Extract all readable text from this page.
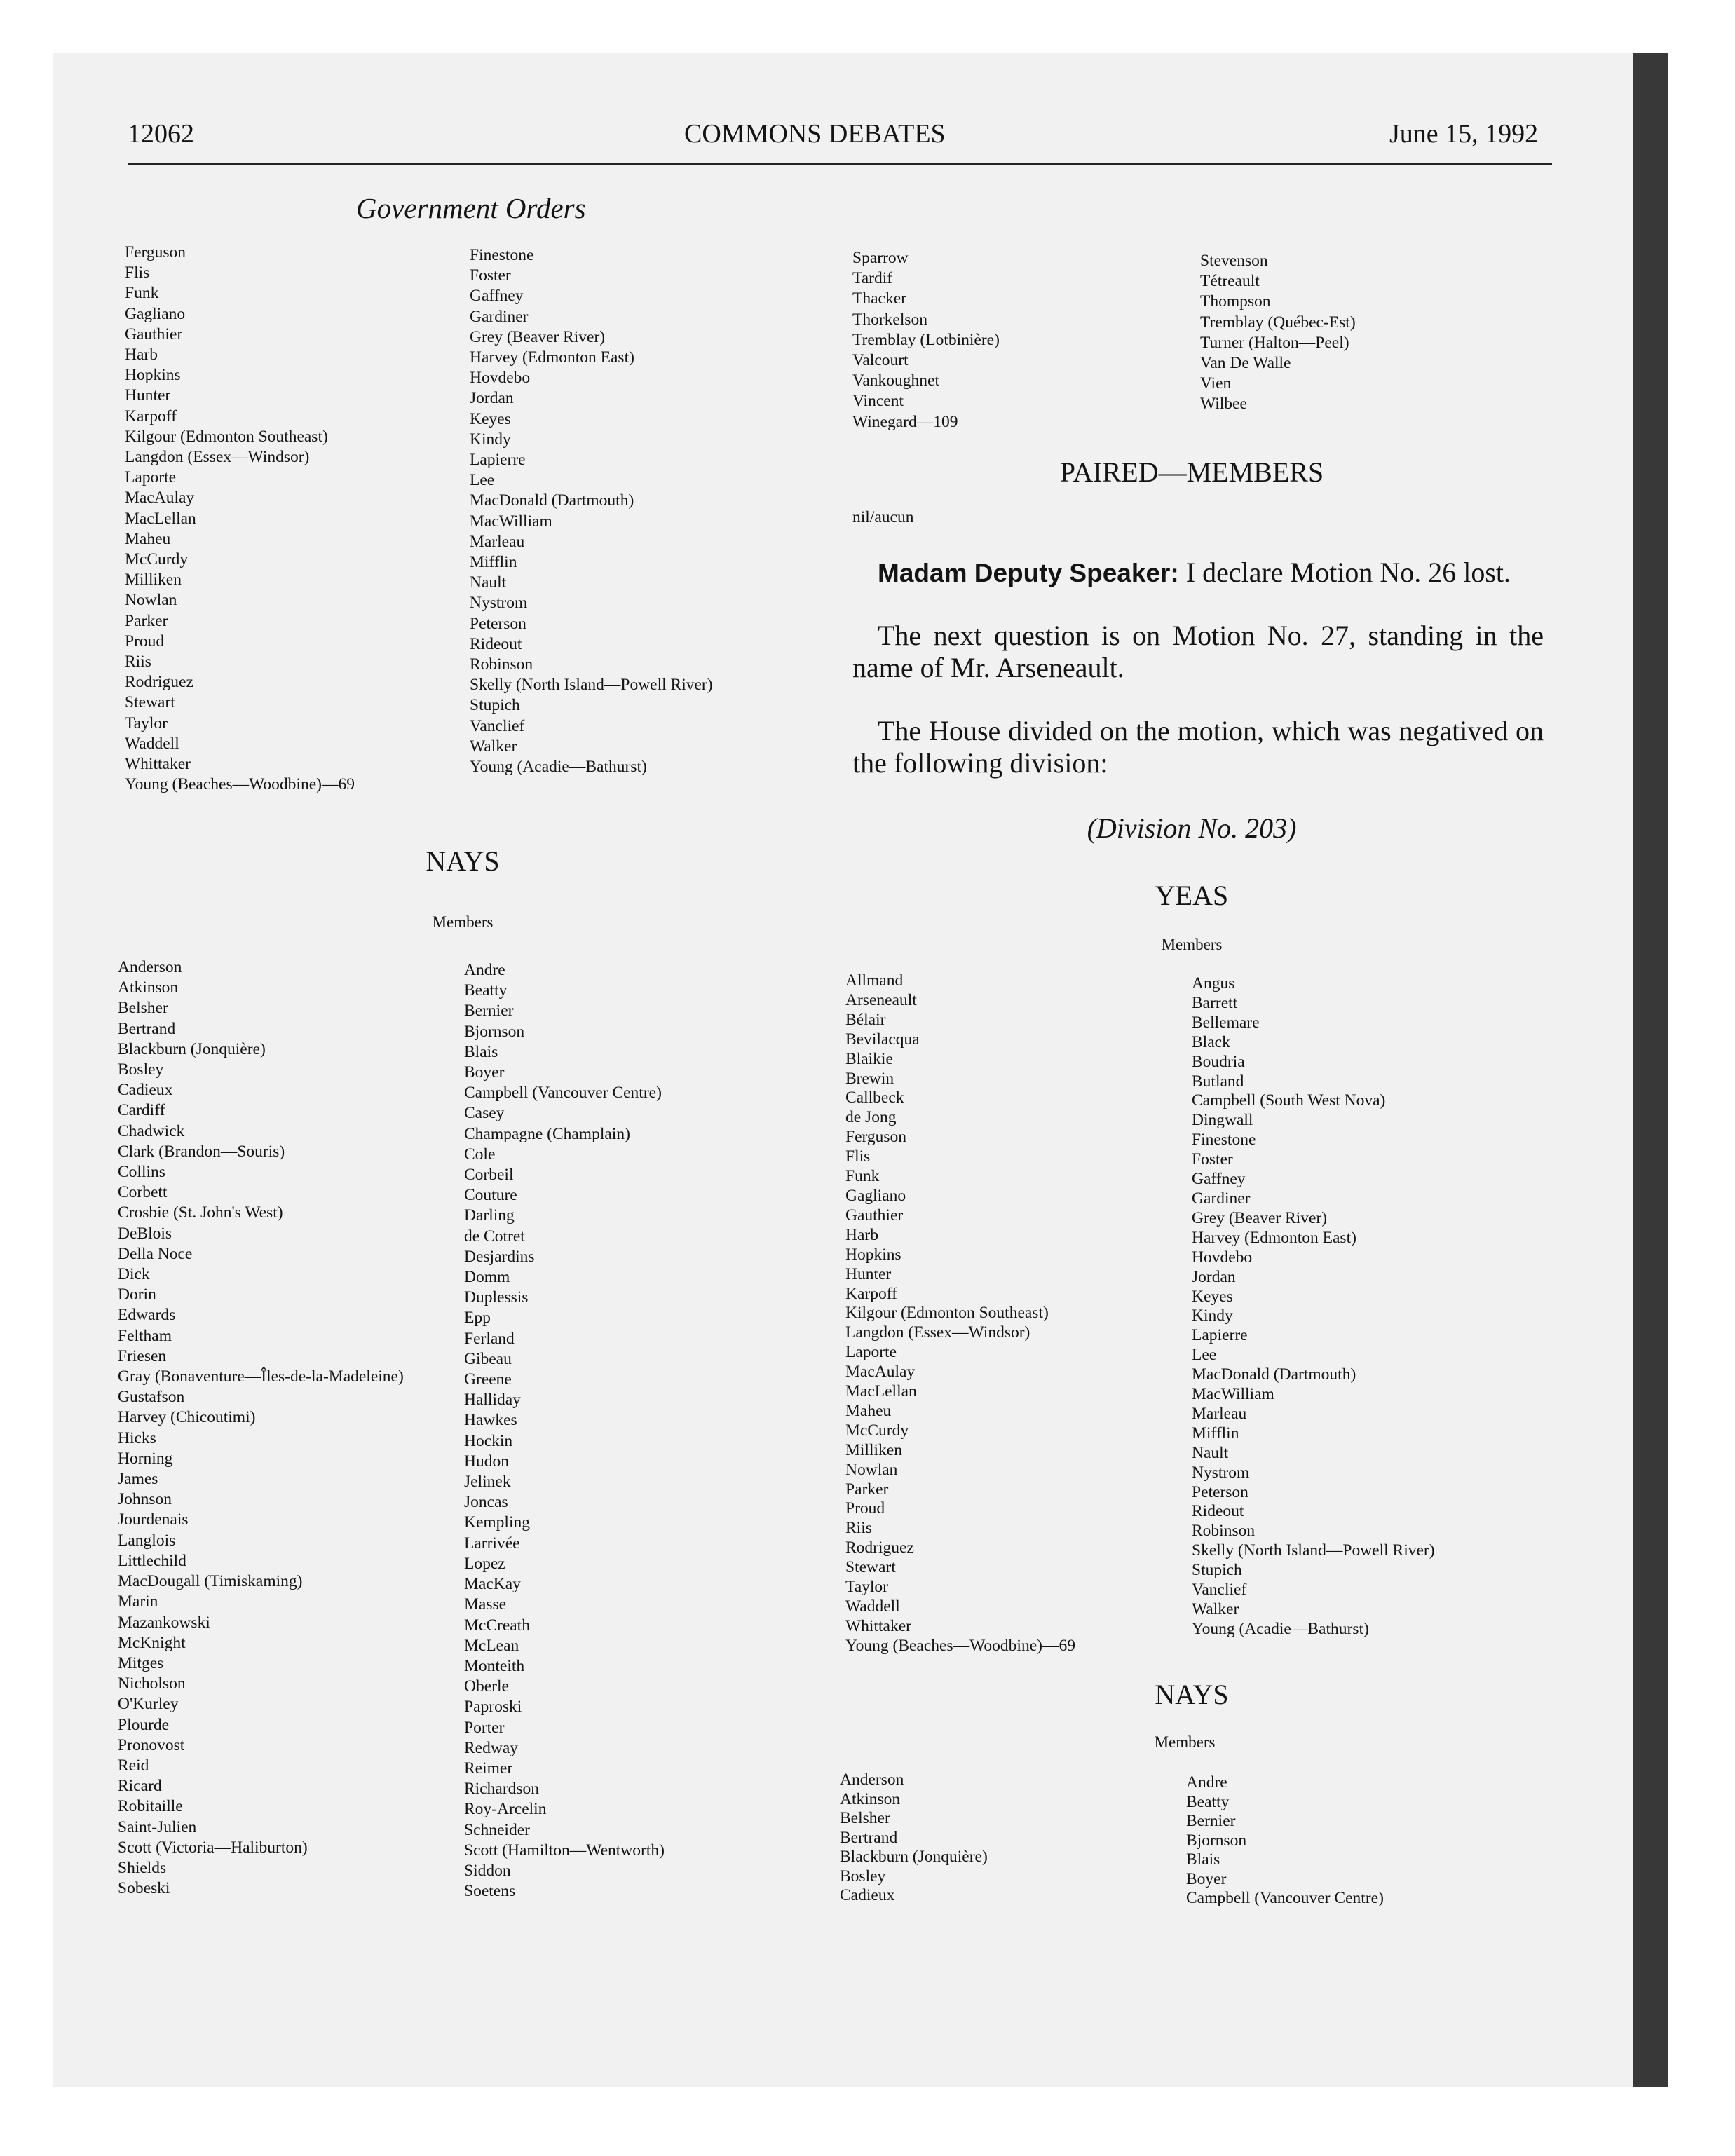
12062	COMMONS DEBATES	June 15, 1992
Government Orders
Ferguson
Flis
Funk
Gagliano
Gauthier
Harb
Hopkins
Hunter
Karpoff
Kilgour (Edmonton Southeast)
Langdon (Essex—Windsor)
Laporte
MacAulay
MacLellan
Maheu
McCurdy
Milliken
Nowlan
Parker
Proud
Riis
Rodriguez
Stewart
Taylor
Waddell
Whittaker
Young (Beaches—Woodbine)—69
Finestone
Foster
Gaffney
Gardiner
Grey (Beaver River)
Harvey (Edmonton East)
Hovdebo
Jordan
Keyes
Kindy
Lapierre
Lee
MacDonald (Dartmouth)
MacWilliam
Marleau
Mifflin
Nault
Nystrom
Peterson
Rideout
Robinson
Skelly (North Island—Powell River)
Stupich
Vanclief
Walker
Young (Acadie—Bathurst)
NAYS
Members
Anderson
Atkinson
Belsher
Bertrand
Blackburn (Jonquière)
Bosley
Cadieux
Cardiff
Chadwick
Clark (Brandon—Souris)
Collins
Corbett
Crosbie (St. John's West)
DeBlois
Della Noce
Dick
Dorin
Edwards
Feltham
Friesen
Gray (Bonaventure—Îles-de-la-Madeleine)
Gustafson
Harvey (Chicoutimi)
Hicks
Horning
James
Johnson
Jourdenais
Langlois
Littlechild
MacDougall (Timiskaming)
Marin
Mazankowski
McKnight
Mitges
Nicholson
O'Kurley
Plourde
Pronovost
Reid
Ricard
Robitaille
Saint-Julien
Scott (Victoria—Haliburton)
Shields
Sobeski
Andre
Beatty
Bernier
Bjornson
Blais
Boyer
Campbell (Vancouver Centre)
Casey
Champagne (Champlain)
Cole
Corbeil
Couture
Darling
de Cotret
Desjardins
Domm
Duplessis
Epp
Ferland
Gibeau
Greene
Halliday
Hawkes
Hockin
Hudon
Jelinek
Joncas
Kempling
Larrivée
Lopez
MacKay
Masse
McCreath
McLean
Monteith
Oberle
Paproski
Porter
Redway
Reimer
Richardson
Roy-Arcelin
Schneider
Scott (Hamilton—Wentworth)
Siddon
Soetens
Sparrow
Tardif
Thacker
Thorkelson
Tremblay (Lotbinière)
Valcourt
Vankoughnet
Vincent
Winegard—109
Stevenson
Tétreault
Thompson
Tremblay (Québec-Est)
Turner (Halton—Peel)
Van De Walle
Vien
Wilbee
PAIRED—MEMBERS
nil/aucun

Madam Deputy Speaker: I declare Motion No. 26 lost.

The next question is on Motion No. 27, standing in the name of Mr. Arseneault.

The House divided on the motion, which was negatived on the following division:

(Division No. 203)
YEAS
Members
Allmand
Arseneault
Bélair
Bevilacqua
Blaikie
Brewin
Callbeck
de Jong
Ferguson
Flis
Funk
Gagliano
Gauthier
Harb
Hopkins
Hunter
Karpoff
Kilgour (Edmonton Southeast)
Langdon (Essex—Windsor)
Laporte
MacAulay
MacLellan
Maheu
McCurdy
Milliken
Nowlan
Parker
Proud
Riis
Rodriguez
Stewart
Taylor
Waddell
Whittaker
Young (Beaches—Woodbine)—69
Angus
Barrett
Bellemare
Black
Boudria
Butland
Campbell (South West Nova)
Dingwall
Finestone
Foster
Gaffney
Gardiner
Grey (Beaver River)
Harvey (Edmonton East)
Hovdebo
Jordan
Keyes
Kindy
Lapierre
Lee
MacDonald (Dartmouth)
MacWilliam
Marleau
Mifflin
Nault
Nystrom
Peterson
Rideout
Robinson
Skelly (North Island—Powell River)
Stupich
Vanclief
Walker
Young (Acadie—Bathurst)
NAYS
Members
Anderson
Atkinson
Belsher
Bertrand
Blackburn (Jonquière)
Bosley
Cadieux
Andre
Beatty
Bernier
Bjornson
Blais
Boyer
Campbell (Vancouver Centre)
